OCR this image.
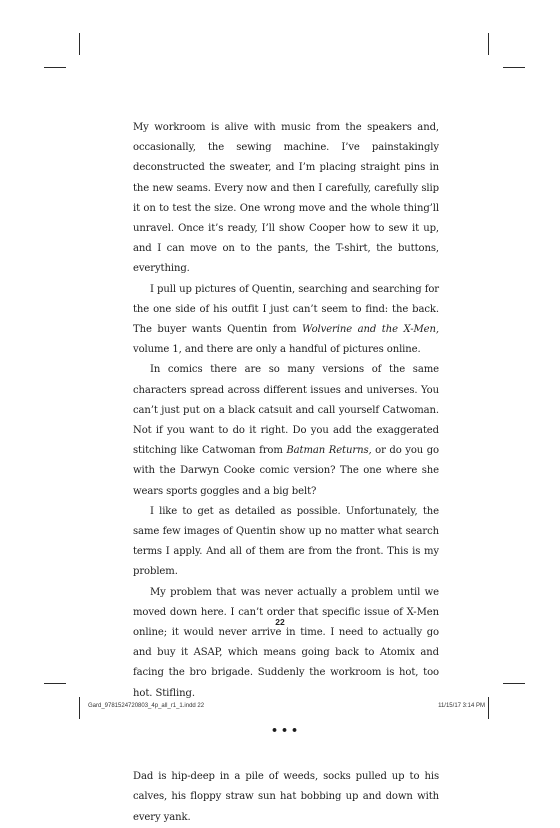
My workroom is alive with music from the speakers and, occasionally, the sewing machine. I’ve painstakingly deconstructed the sweater, and I’m placing straight pins in the new seams. Every now and then I carefully, carefully slip it on to test the size. One wrong move and the whole thing’ll unravel. Once it’s ready, I’ll show Cooper how to sew it up, and I can move on to the pants, the T-shirt, the buttons, everything.

I pull up pictures of Quentin, searching and searching for the one side of his outfit I just can’t seem to find: the back. The buyer wants Quentin from Wolverine and the X-Men, volume 1, and there are only a handful of pictures online.

In comics there are so many versions of the same characters spread across different issues and universes. You can’t just put on a black catsuit and call yourself Catwoman. Not if you want to do it right. Do you add the exaggerated stitching like Catwoman from Batman Returns, or do you go with the Darwyn Cooke comic version? The one where she wears sports goggles and a big belt?

I like to get as detailed as possible. Unfortunately, the same few images of Quentin show up no matter what search terms I apply. And all of them are from the front. This is my problem.

My problem that was never actually a problem until we moved down here. I can’t order that specific issue of X-Men online; it would never arrive in time. I need to actually go and buy it ASAP, which means going back to Atomix and facing the bro brigade. Suddenly the workroom is hot, too hot. Stifling.

•••

Dad is hip-deep in a pile of weeds, socks pulled up to his calves, his floppy straw sun hat bobbing up and down with every yank.

22
Gard_9781524720803_4p_all_r1_1.indd 22	11/15/17 3:14 PM
